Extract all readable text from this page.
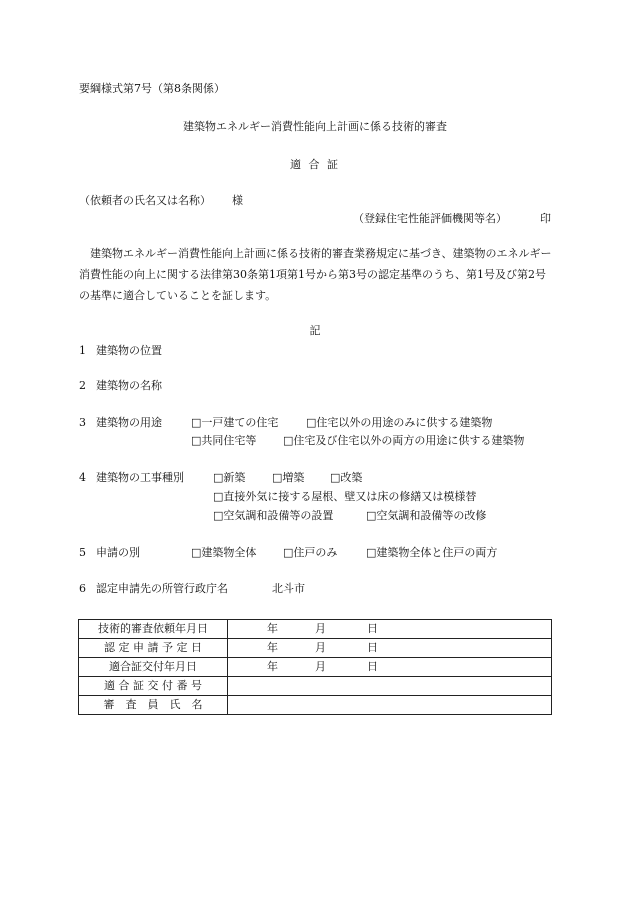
要綱様式第7号（第8条関係）
建築物エネルギー消費性能向上計画に係る技術的審査
適 合 証
（依頼者の氏名又は名称） 様
（登録住宅性能評価機関等名）	印
建築物エネルギー消費性能向上計画に係る技術的審査業務規定に基づき、建築物のエネルギー消費性能の向上に関する法律第30条第1項第1号から第3号の認定基準のうち、第1号及び第2号の基準に適合していることを証します。
記
1 建築物の位置
2 建築物の名称
3 建築物の用途	□ 一戸建ての住宅	□ 住宅以外の用途のみに供する建築物
□ 共同住宅等	□ 住宅及び住宅以外の両方の用途に供する建築物
4 建築物の工事種別	□ 新築	□ 増築	□ 改築
□ 直接外気に接する屋根、壁又は床の修繕又は模様替
□ 空気調和設備等の設置	□ 空気調和設備等の改修
5 申請の別	□ 建築物全体	□ 住戸のみ	□ 建築物全体と住戸の両方
6 認定申請先の所管行政庁名	北斗市
技術的審査依頼年月日	年 月 日
認 定 申 請 予 定 日	年 月 日
適合証交付年月日	年 月 日
適 合 証 交 付 番 号	
審　査　員　氏　名	
